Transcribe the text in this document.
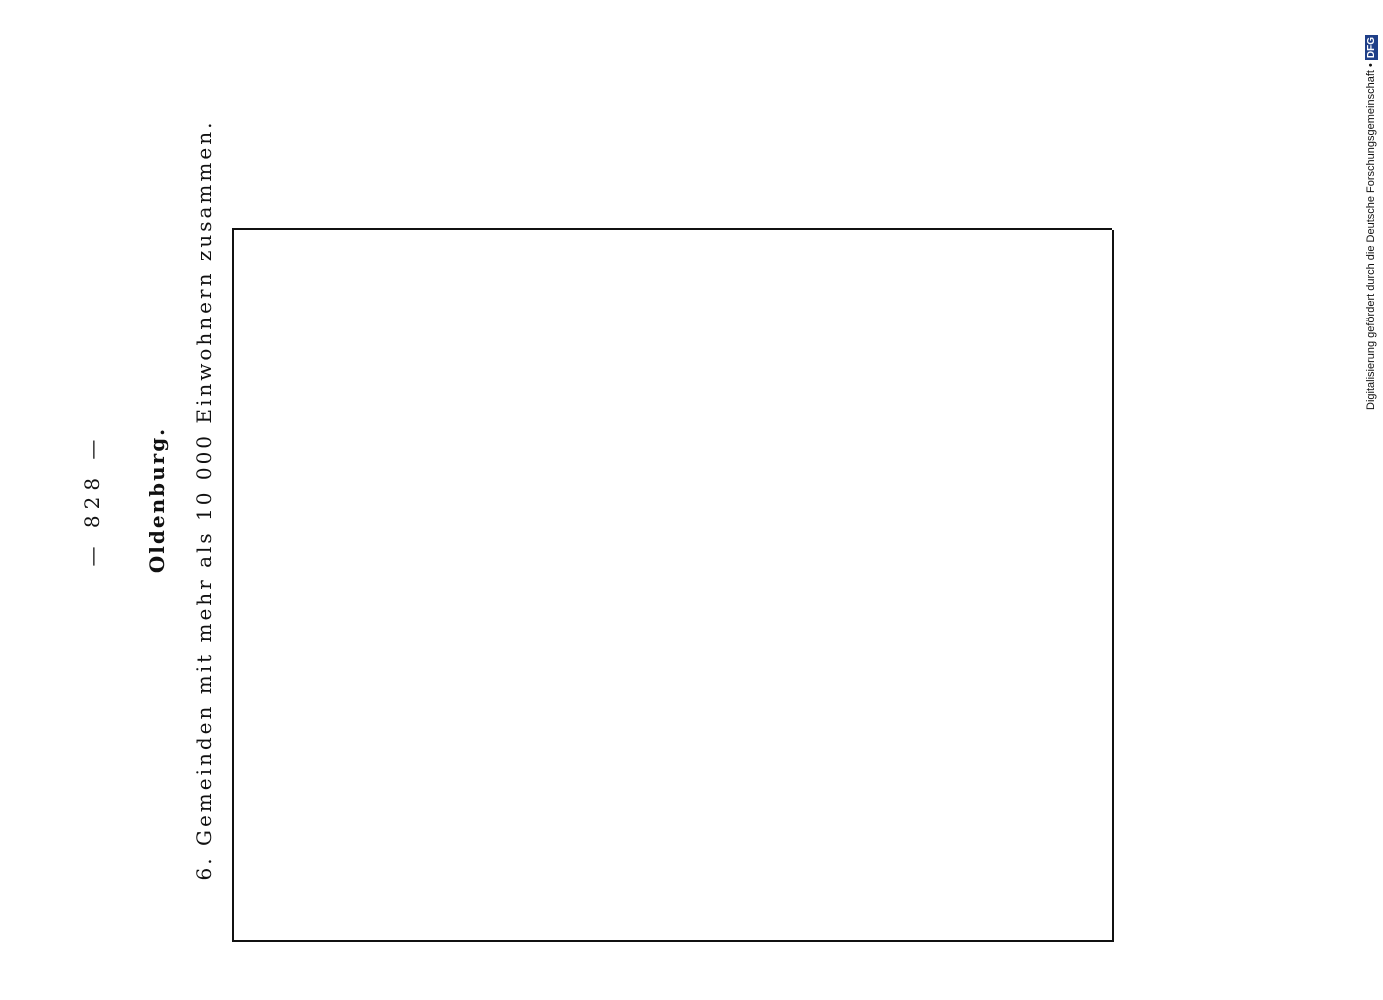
— 828 — Oldenburg. 6. Gemeinden mit mehr als 10 000 Einwohnern zusammen.	Digitalisierung gefördert durch die Deutsche Forschungsgemeinschaft •DFG
